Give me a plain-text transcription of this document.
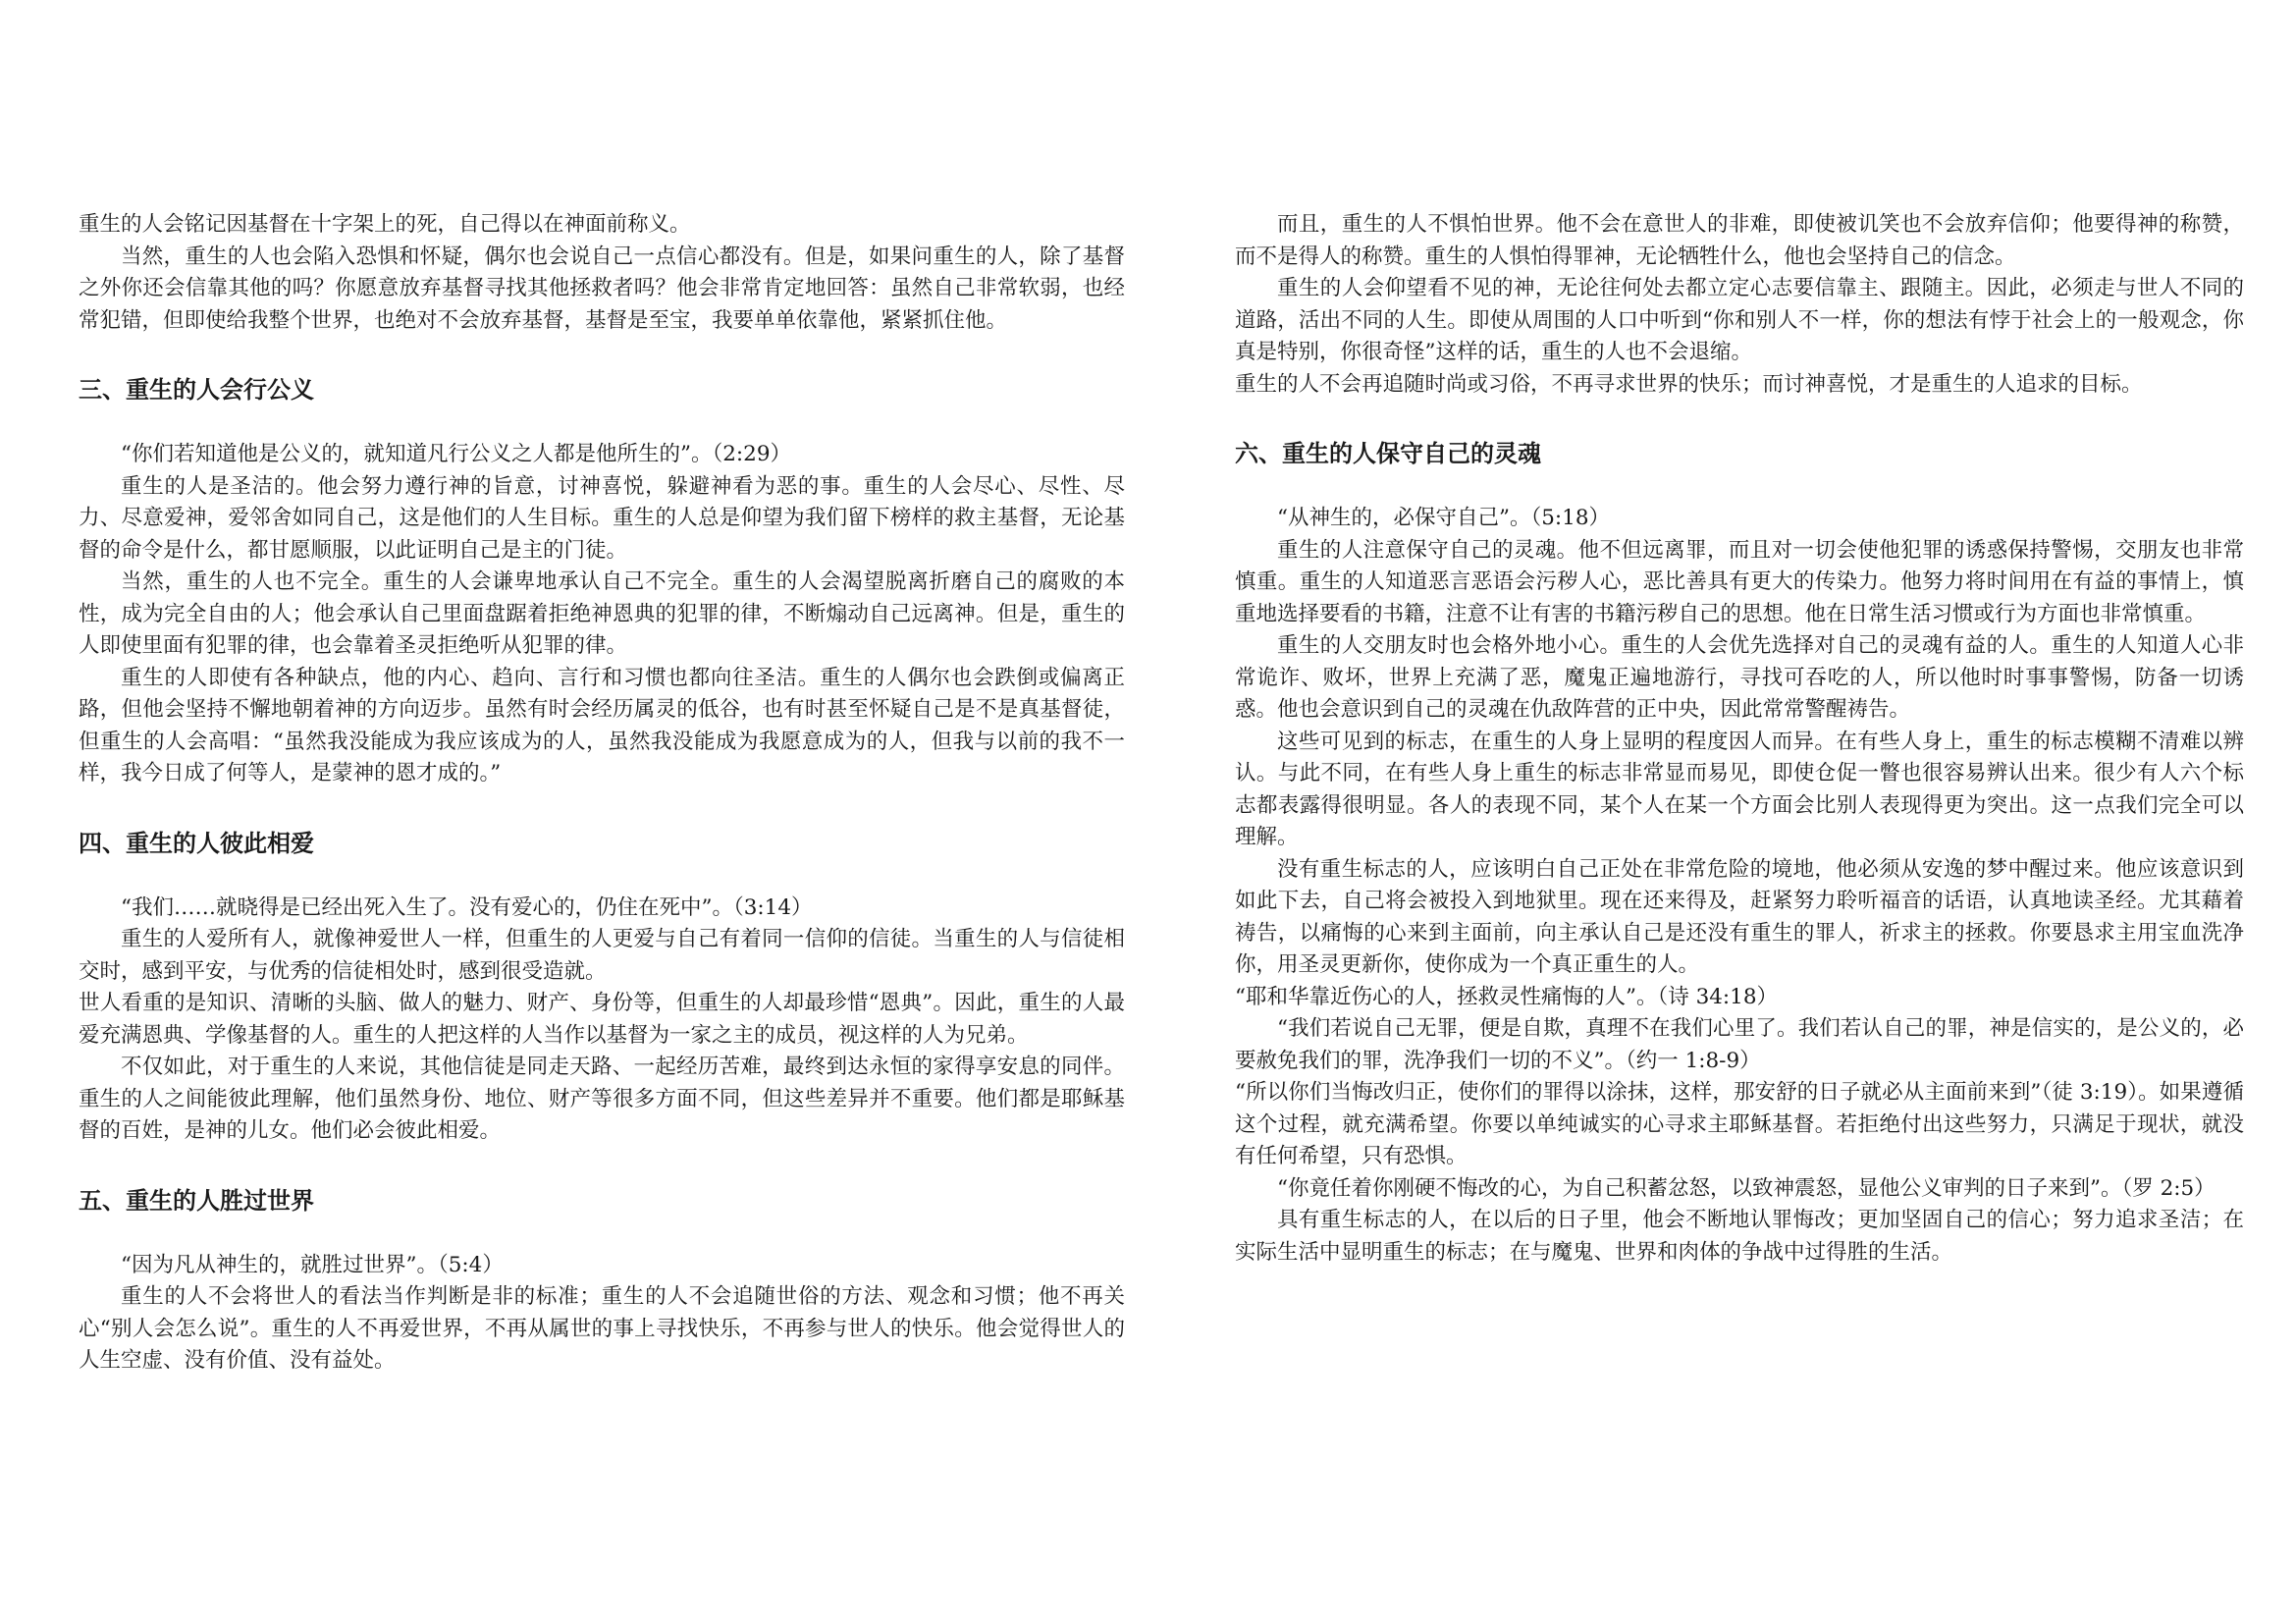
重生的人会铭记因基督在十字架上的死，自己得以在神面前称义。

当然，重生的人也会陷入恐惧和怀疑，偶尔也会说自己一点信心都没有。但是，如果问重生的人，除了基督之外你还会信靠其他的吗？你愿意放弃基督寻找其他拯救者吗？他会非常肯定地回答：虽然自己非常软弱，也经常犯错，但即使给我整个世界，也绝对不会放弃基督，基督是至宝，我要单单依靠他，紧紧抓住他。

三、重生的人会行公义

“你们若知道他是公义的，就知道凡行公义之人都是他所生的”。（2:29）

重生的人是圣洁的。他会努力遵行神的旨意，讨神喜悦，躲避神看为恶的事。重生的人会尽心、尽性、尽力、尽意爱神，爱邻舍如同自己，这是他们的人生目标。重生的人总是仰望为我们留下榜样的救主基督，无论基督的命令是什么，都甘愿顺服，以此证明自己是主的门徒。

当然，重生的人也不完全。重生的人会谦卑地承认自己不完全。重生的人会渴望脱离折磨自己的腐败的本性，成为完全自由的人；他会承认自己里面盘踞着拒绝神恩典的犯罪的律，不断煽动自己远离神。但是，重生的人即使里面有犯罪的律，也会靠着圣灵拒绝听从犯罪的律。

重生的人即使有各种缺点，他的内心、趋向、言行和习惯也都向往圣洁。重生的人偶尔也会跌倒或偏离正路，但他会坚持不懈地朝着神的方向迈步。虽然有时会经历属灵的低谷，也有时甚至怀疑自己是不是真基督徒，但重生的人会高唱：“虽然我没能成为我应该成为的人，虽然我没能成为我愿意成为的人，但我与以前的我不一样，我今日成了何等人，是蒙神的恩才成的。”

四、重生的人彼此相爱

“我们……就晓得是已经出死入生了。没有爱心的，仍住在死中”。（3:14）

重生的人爱所有人，就像神爱世人一样，但重生的人更爱与自己有着同一信仰的信徒。当重生的人与信徒相交时，感到平安，与优秀的信徒相处时，感到很受造就。

世人看重的是知识、清晰的头脑、做人的魅力、财产、身份等，但重生的人却最珍惜“恩典”。因此，重生的人最爱充满恩典、学像基督的人。重生的人把这样的人当作以基督为一家之主的成员，视这样的人为兄弟。

不仅如此，对于重生的人来说，其他信徒是同走天路、一起经历苦难，最终到达永恒的家得享安息的同伴。重生的人之间能彼此理解，他们虽然身份、地位、财产等很多方面不同，但这些差异并不重要。他们都是耶稣基督的百姓，是神的儿女。他们必会彼此相爱。

五、重生的人胜过世界

“因为凡从神生的，就胜过世界”。（5:4）

重生的人不会将世人的看法当作判断是非的标准；重生的人不会追随世俗的方法、观念和习惯；他不再关心“别人会怎么说”。重生的人不再爱世界，不再从属世的事上寻找快乐，不再参与世人的快乐。他会觉得世人的人生空虚、没有价值、没有益处。

而且，重生的人不惧怕世界。他不会在意世人的非难，即使被讥笑也不会放弃信仰；他要得神的称赞，而不是得人的称赞。重生的人惧怕得罪神，无论牺牲什么，他也会坚持自己的信念。

重生的人会仰望看不见的神，无论往何处去都立定心志要信靠主、跟随主。因此，必须走与世人不同的道路，活出不同的人生。即使从周围的人口中听到“你和别人不一样，你的想法有悖于社会上的一般观念，你真是特别，你很奇怪”这样的话，重生的人也不会退缩。

重生的人不会再追随时尚或习俗，不再寻求世界的快乐；而讨神喜悦，才是重生的人追求的目标。

六、重生的人保守自己的灵魂

“从神生的，必保守自己”。（5:18）

重生的人注意保守自己的灵魂。他不但远离罪，而且对一切会使他犯罪的诱惑保持警惕，交朋友也非常慎重。重生的人知道恶言恶语会污秽人心，恶比善具有更大的传染力。他努力将时间用在有益的事情上，慎重地选择要看的书籍，注意不让有害的书籍污秽自己的思想。他在日常生活习惯或行为方面也非常慎重。

重生的人交朋友时也会格外地小心。重生的人会优先选择对自己的灵魂有益的人。重生的人知道人心非常诡诈、败坏，世界上充满了恶，魔鬼正遍地游行，寻找可吞吃的人，所以他时时事事警惕，防备一切诱惑。他也会意识到自己的灵魂在仇敌阵营的正中央，因此常常警醒祷告。

这些可见到的标志，在重生的人身上显明的程度因人而异。在有些人身上，重生的标志模糊不清难以辨认。与此不同，在有些人身上重生的标志非常显而易见，即使仓促一瞥也很容易辨认出来。很少有人六个标志都表露得很明显。各人的表现不同，某个人在某一个方面会比别人表现得更为突出。这一点我们完全可以理解。

没有重生标志的人，应该明白自己正处在非常危险的境地，他必须从安逸的梦中醒过来。他应该意识到如此下去，自己将会被投入到地狱里。现在还来得及，赶紧努力聆听福音的话语，认真地读圣经。尤其藉着祷告，以痛悔的心来到主面前，向主承认自己是还没有重生的罪人，祈求主的拯救。你要恳求主用宝血洗净你，用圣灵更新你，使你成为一个真正重生的人。

“耶和华靠近伤心的人，拯救灵性痛悔的人”。（诗 34:18）

“我们若说自己无罪，便是自欺，真理不在我们心里了。我们若认自己的罪，神是信实的，是公义的，必要赦免我们的罪，洗净我们一切的不义”。（约一 1:8-9）

“所以你们当悔改归正，使你们的罪得以涂抹，这样，那安舒的日子就必从主面前来到”（徒 3:19）。如果遵循这个过程，就充满希望。你要以单纯诚实的心寻求主耶稣基督。若拒绝付出这些努力，只满足于现状，就没有任何希望，只有恐惧。

“你竟任着你刚硬不悔改的心，为自己积蓄忿怒，以致神震怒，显他公义审判的日子来到”。（罗 2:5）

具有重生标志的人，在以后的日子里，他会不断地认罪悔改；更加坚固自己的信心；努力追求圣洁；在实际生活中显明重生的标志；在与魔鬼、世界和肉体的争战中过得胜的生活。
